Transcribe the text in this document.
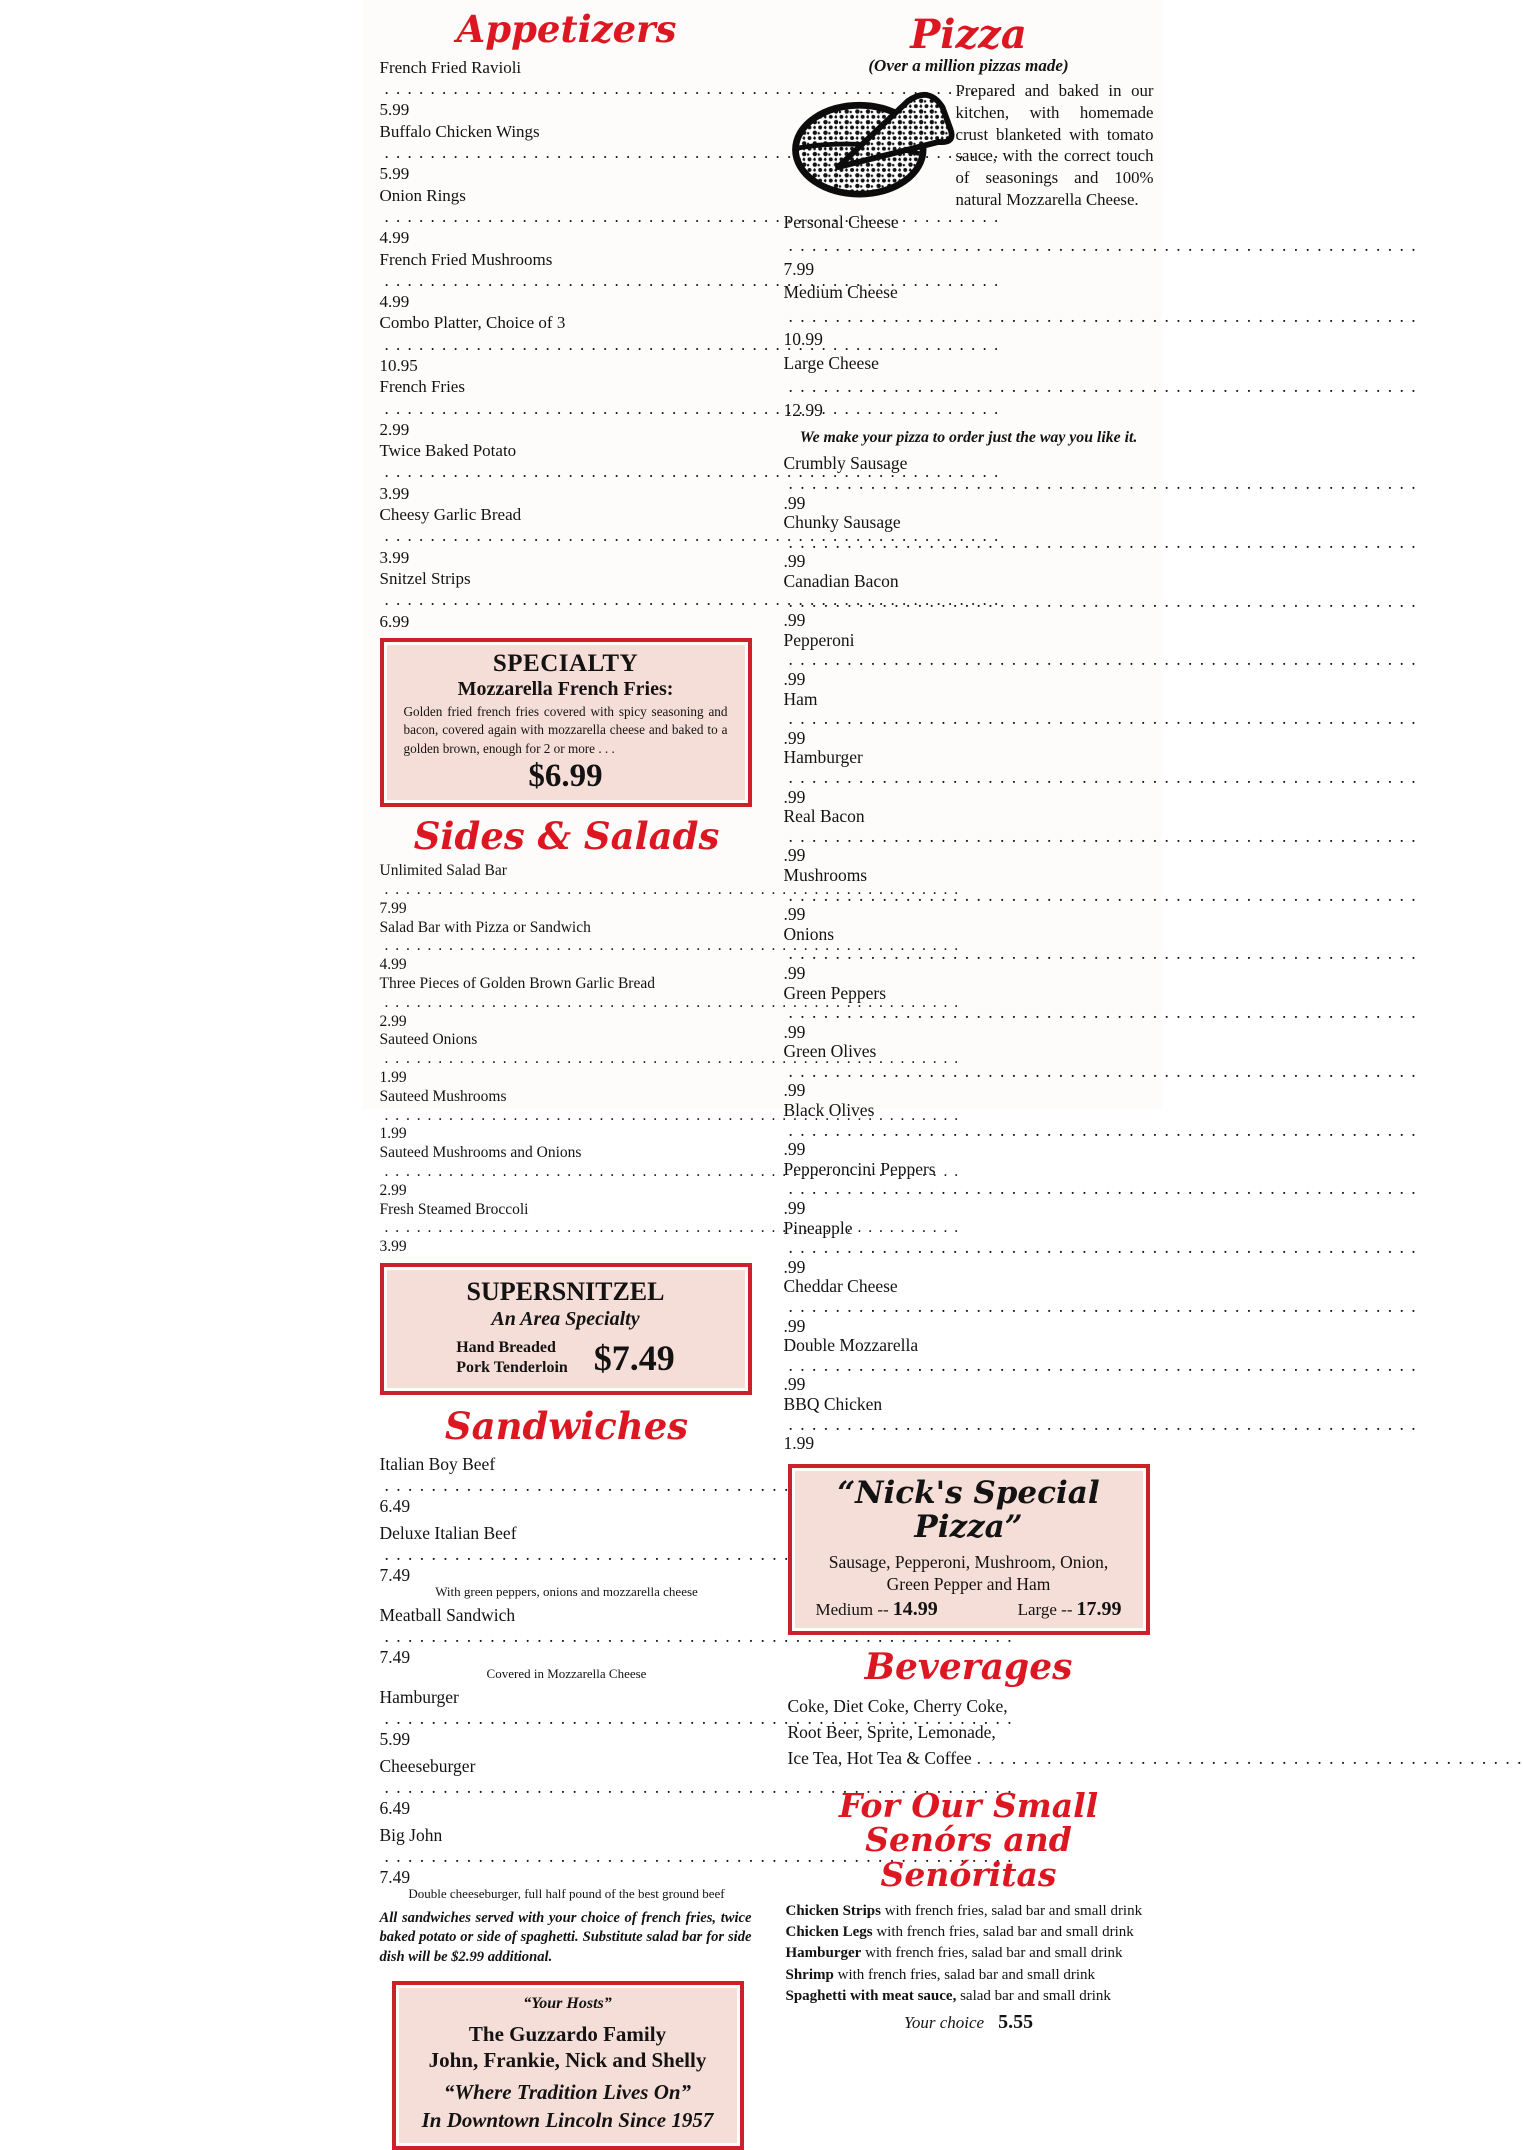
Appetizers
French Fried Ravioli
. . .
5.99
Buffalo Chicken Wings
. . .
5.99
Onion Rings
. . .
4.99
French Fried Mushrooms
. . .
4.99
Combo Platter, Choice of 3
. . .
10.95
French Fries
. . .
2.99
Twice Baked Potato
. . .
3.99
Cheesy Garlic Bread
. . .
3.99
Snitzel Strips
. . .
6.99
SPECIALTY
Mozzarella French Fries:
Golden fried french fries covered with spicy seasoning and bacon, covered again with mozzarella cheese and baked to a golden brown, enough for 2 or more . . .
$6.99
Sides & Salads
Unlimited Salad Bar
. . .
7.99
Salad Bar with Pizza or Sandwich
. . .
4.99
Three Pieces of Golden Brown Garlic Bread
. . .
2.99
Sauteed Onions
. . .
1.99
Sauteed Mushrooms
. . .
1.99
Sauteed Mushrooms and Onions
. . .
2.99
Fresh Steamed Broccoli
. . .
3.99
SUPERSNITZEL
An Area Specialty
Hand Breaded
Pork Tenderloin $7.49
Sandwiches
Italian Boy Beef
. . .
6.49
Deluxe Italian Beef
. . .
7.49
With green peppers, onions and mozzarella cheese
Meatball Sandwich
. . .
7.49
Covered in Mozzarella Cheese
Hamburger
. . .
5.99
Cheeseburger
. . .
6.49
Big John
. . .
7.49
Double cheeseburger, full half pound of the best ground beef
All sandwiches served with your choice of french fries, twice baked potato or side of spaghetti. Substitute salad bar for side dish will be $2.99 additional.
“Your Hosts”
The Guzzardo Family
John, Frankie, Nick and Shelly
“Where Tradition Lives On”
In Downtown Lincoln Since 1957
Pizza
(Over a million pizzas made)

Prepared and baked in our kitchen, with homemade crust blanketed with tomato sauce, with the correct touch of seasonings and 100% natural Mozzarella Cheese.

Personal Cheese
. . .
7.99
Medium Cheese
. . .
10.99
Large Cheese
. . .
12.99
We make your pizza to order just the way you like it.
Crumbly Sausage
. . .
.99
Chunky Sausage
. . .
.99
Canadian Bacon
. . .
.99
Pepperoni
. . .
.99
Ham
. . .
.99
Hamburger
. . .
.99
Real Bacon
. . .
.99
Mushrooms
. . .
.99
Onions
. . .
.99
Green Peppers
. . .
.99
Green Olives
. . .
.99
Black Olives
. . .
.99
Pepperoncini Peppers
. . .
.99
Pineapple
. . .
.99
Cheddar Cheese
. . .
.99
Double Mozzarella
. . .
.99
BBQ Chicken
. . .
1.99
“Nick's Special Pizza”
Sausage, Pepperoni, Mushroom, Onion,
Green Pepper and Ham
Medium -- 14.99	Large -- 17.99
Beverages
Coke, Diet Coke, Cherry Coke,
Root Beer, Sprite, Lemonade,
Ice Tea, Hot Tea & Coffee
. . .
For Our Small
Senórs and Senóritas
Chicken Strips with french fries, salad bar and small drink
Chicken Legs with french fries, salad bar and small drink
Hamburger with french fries, salad bar and small drink
Shrimp with french fries, salad bar and small drink
Spaghetti with meat sauce, salad bar and small drink
Your choice 5.55
